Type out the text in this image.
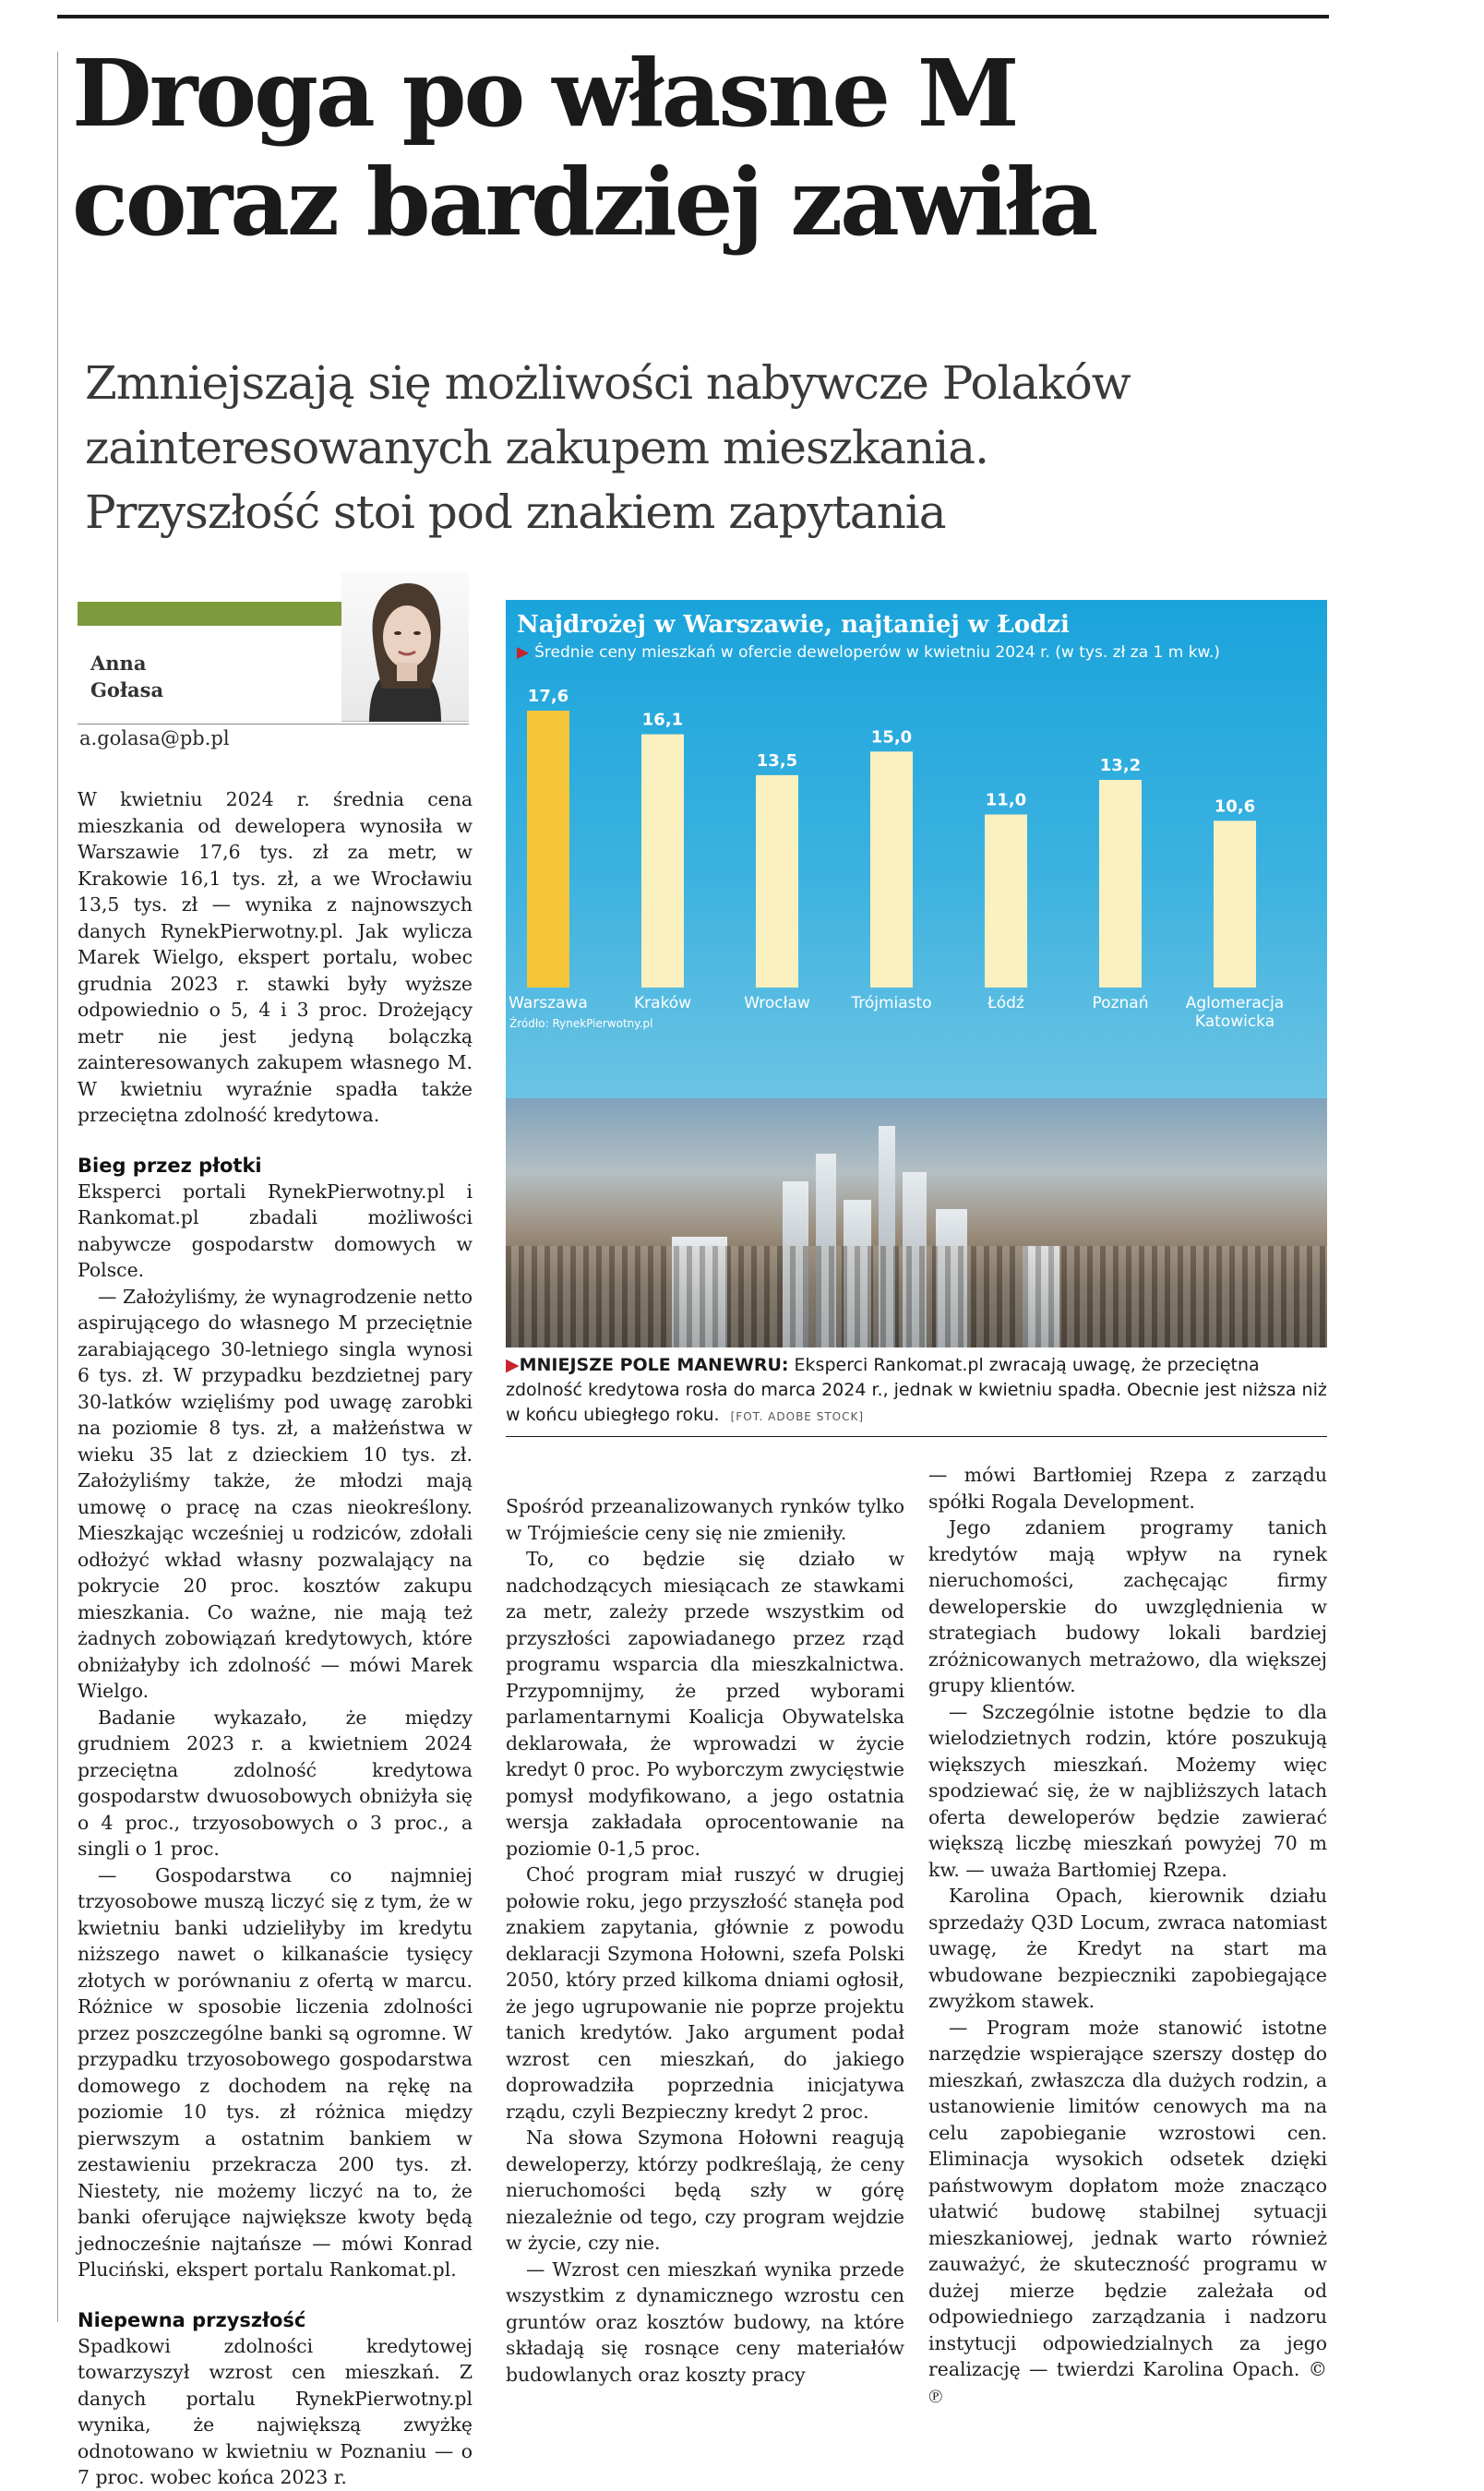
Droga po własne M
coraz bardziej zawiła
Zmniejszają się możliwości nabywcze Polaków
zainteresowanych zakupem mieszkania.
Przyszłość stoi pod znakiem zapytania
Anna
Gołasa
a.golasa@pb.pl

W kwietniu 2024 r. średnia cena mieszkania od dewelopera wynosiła w Warszawie 17,6 tys. zł za metr, w Krakowie 16,1 tys. zł, a we Wrocławiu 13,5 tys. zł — wynika z najnowszych danych RynekPierwotny.pl. Jak wylicza Marek Wielgo, ekspert portalu, wobec grudnia 2023 r. stawki były wyższe odpowiednio o 5, 4 i 3 proc. Drożejący metr nie jest jedyną bolączką zainteresowanych zakupem własnego M. W kwietniu wyraźnie spadła także przeciętna zdolność kredytowa.

Bieg przez płotki

Eksperci portali RynekPierwotny.pl i Rankomat.pl zbadali możliwości nabywcze gospodarstw domowych w Polsce.

— Założyliśmy, że wynagrodzenie netto aspirującego do własnego M przeciętnie zarabiającego 30-letniego singla wynosi 6 tys. zł. W przypadku bezdzietnej pary 30-latków wzięliśmy pod uwagę zarobki na poziomie 8 tys. zł, a małżeństwa w wieku 35 lat z dzieckiem 10 tys. zł. Założyliśmy także, że młodzi mają umowę o pracę na czas nieokreślony. Mieszkając wcześniej u rodziców, zdołali odłożyć wkład własny pozwalający na pokrycie 20 proc. kosztów zakupu mieszkania. Co ważne, nie mają też żadnych zobowiązań kredytowych, które obniżałyby ich zdolność — mówi Marek Wielgo.

Badanie wykazało, że między grudniem 2023 r. a kwietniem 2024 przeciętna zdolność kredytowa gospodarstw dwuosobowych obniżyła się o 4 proc., trzyosobowych o 3 proc., a singli o 1 proc.

— Gospodarstwa co najmniej trzyosobowe muszą liczyć się z tym, że w kwietniu banki udzieliłyby im kredytu niższego nawet o kilkanaście tysięcy złotych w porównaniu z ofertą w marcu. Różnice w sposobie liczenia zdolności przez poszczególne banki są ogromne. W przypadku trzyosobowego gospodarstwa domowego z dochodem na rękę na poziomie 10 tys. zł różnica między pierwszym a ostatnim bankiem w zestawieniu przekracza 200 tys. zł. Niestety, nie możemy liczyć na to, że banki oferujące największe kwoty będą jednocześnie najtańsze — mówi Konrad Pluciński, ekspert portalu Rankomat.pl.

Niepewna przyszłość

Spadkowi zdolności kredytowej towarzyszył wzrost cen mieszkań. Z danych portalu RynekPierwotny.pl wynika, że największą zwyżkę odnotowano w kwietniu w Poznaniu — o 7 proc. wobec końca 2023 r.

17,6
Warszawa
16,1
Kraków
13,5
Wrocław
15,0
Trójmiasto
11,0
Łódź
13,2
Poznań
10,6
Aglomeracja Katowicka
Najdrożej w Warszawie, najtaniej w Łodzi
▶ Średnie ceny mieszkań w ofercie deweloperów w kwietniu 2024 r. (w tys. zł za 1 m kw.)
Źródło: RynekPierwotny.pl
▶MNIEJSZE POLE MANEWRU: Eksperci Rankomat.pl zwracają uwagę, że przeciętna zdolność kredytowa rosła do marca 2024 r., jednak w kwietniu spadła. Obecnie jest niższa niż w końcu ubiegłego roku. [FOT. ADOBE STOCK]

Spośród przeanalizowanych rynków tylko w Trójmieście ceny się nie zmieniły.

To, co będzie się działo w nadchodzących miesiącach ze stawkami za metr, zależy przede wszystkim od przyszłości zapowiadanego przez rząd programu wsparcia dla mieszkalnictwa. Przypomnijmy, że przed wyborami parlamentarnymi Koalicja Obywatelska deklarowała, że wprowadzi w życie kredyt 0 proc. Po wyborczym zwycięstwie pomysł modyfikowano, a jego ostatnia wersja zakładała oprocentowanie na poziomie 0-1,5 proc.

Choć program miał ruszyć w drugiej połowie roku, jego przyszłość stanęła pod znakiem zapytania, głównie z powodu deklaracji Szymona Hołowni, szefa Polski 2050, który przed kilkoma dniami ogłosił, że jego ugrupowanie nie poprze projektu tanich kredytów. Jako argument podał wzrost cen mieszkań, do jakiego doprowadziła poprzednia inicjatywa rządu, czyli Bezpieczny kredyt 2 proc.

Na słowa Szymona Hołowni reagują deweloperzy, którzy podkreślają, że ceny nieruchomości będą szły w górę niezależnie od tego, czy program wejdzie w życie, czy nie.

— Wzrost cen mieszkań wynika przede wszystkim z dynamicznego wzrostu cen gruntów oraz kosztów budowy, na które składają się rosnące ceny materiałów budowlanych oraz koszty pracy

— mówi Bartłomiej Rzepa z zarządu spółki Rogala Development.

Jego zdaniem programy tanich kredytów mają wpływ na rynek nieruchomości, zachęcając firmy deweloperskie do uwzględnienia w strategiach budowy lokali bardziej zróżnicowanych metrażowo, dla większej grupy klientów.

— Szczególnie istotne będzie to dla wielodzietnych rodzin, które poszukują większych mieszkań. Możemy więc spodziewać się, że w najbliższych latach oferta deweloperów będzie zawierać większą liczbę mieszkań powyżej 70 m kw. — uważa Bartłomiej Rzepa.

Karolina Opach, kierownik działu sprzedaży Q3D Locum, zwraca natomiast uwagę, że Kredyt na start ma wbudowane bezpieczniki zapobiegające zwyżkom stawek.

— Program może stanowić istotne narzędzie wspierające szerszy dostęp do mieszkań, zwłaszcza dla dużych rodzin, a ustanowienie limitów cenowych ma na celu zapobieganie wzrostowi cen. Eliminacja wysokich odsetek dzięki państwowym dopłatom może znacząco ułatwić budowę stabilnej sytuacji mieszkaniowej, jednak warto również zauważyć, że skuteczność programu w dużej mierze będzie zależała od odpowiedniego zarządzania i nadzoru instytucji odpowiedzialnych za jego realizację — twierdzi Karolina Opach. © ℗
